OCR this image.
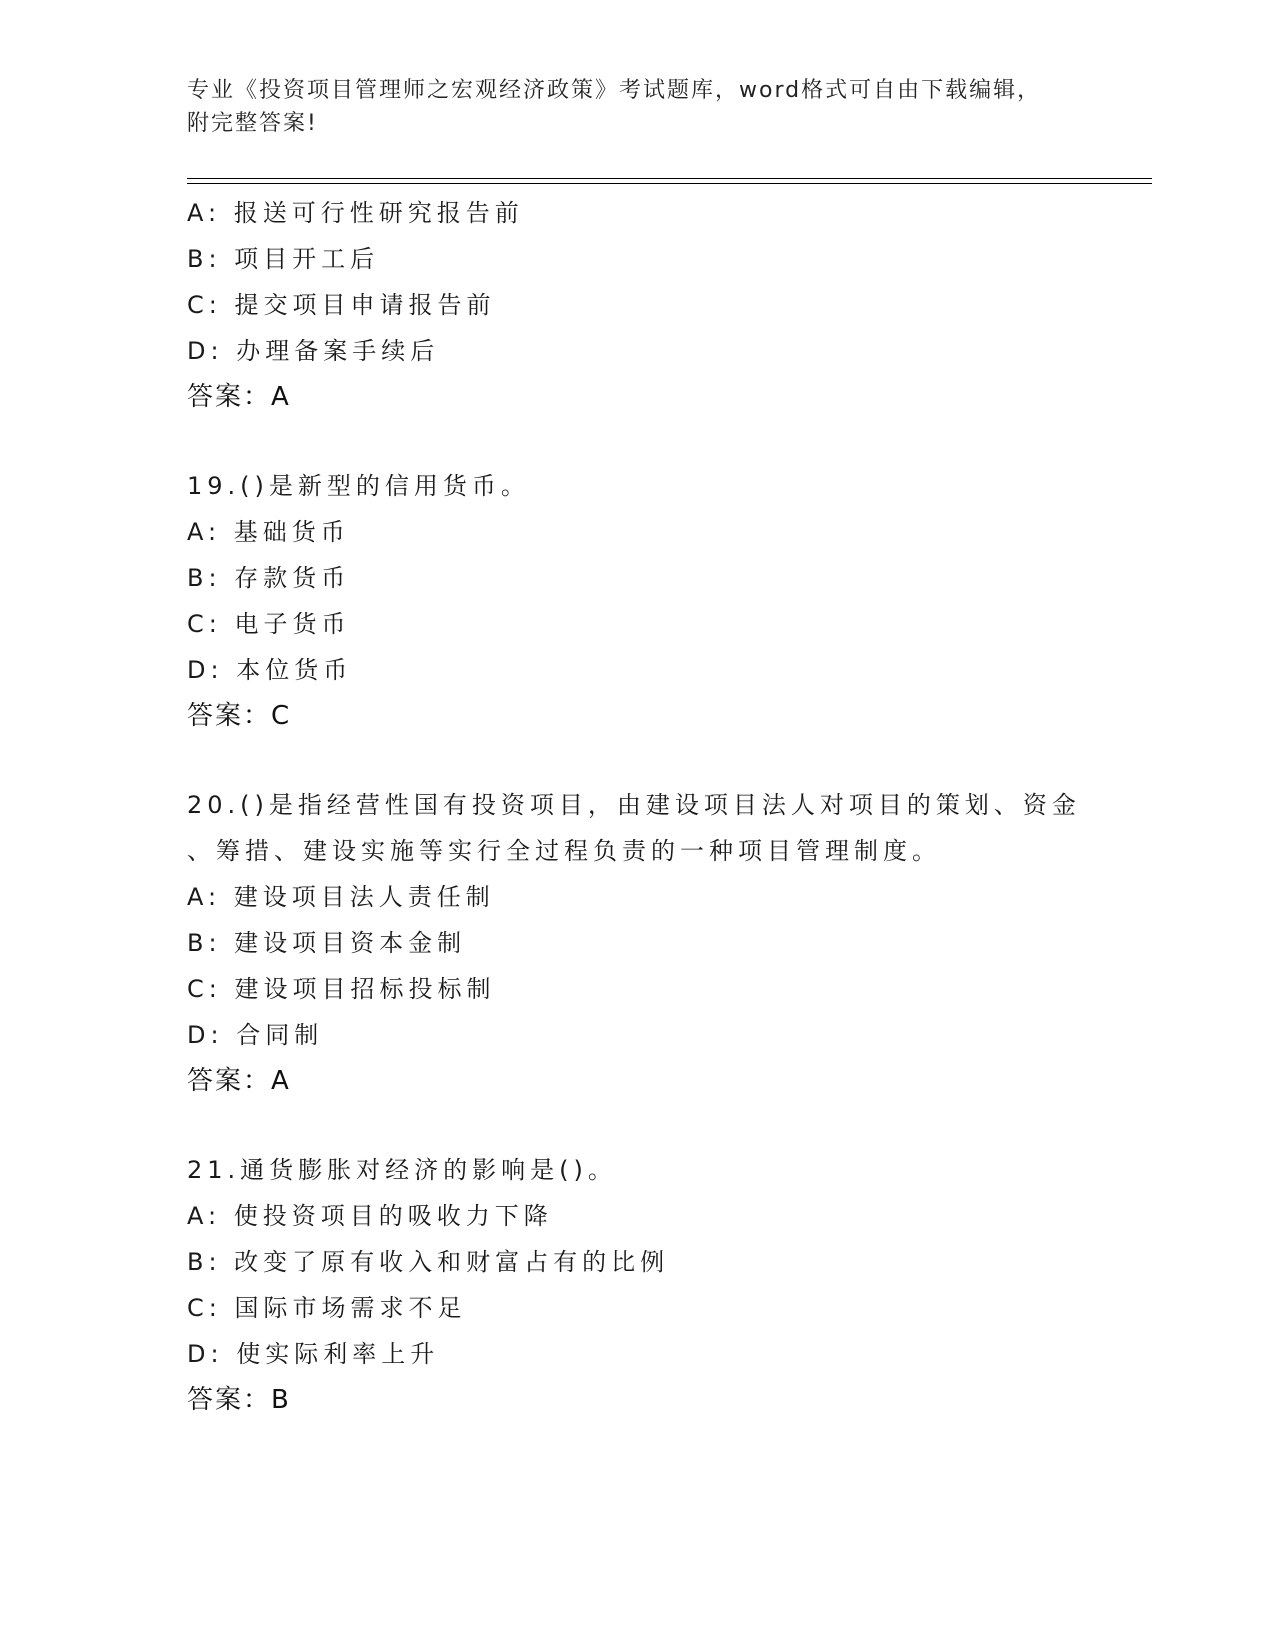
专业《投资项目管理师之宏观经济政策》考试题库，word格式可自由下载编辑，
附完整答案!
A: 报送可行性研究报告前
B: 项目开工后
C: 提交项目申请报告前
D: 办理备案手续后
答案：A
19.()是新型的信用货币。
A: 基础货币
B: 存款货币
C: 电子货币
D: 本位货币
答案：C
20.()是指经营性国有投资项目，由建设项目法人对项目的策划、资金
、筹措、建设实施等实行全过程负责的一种项目管理制度。
A: 建设项目法人责任制
B: 建设项目资本金制
C: 建设项目招标投标制
D: 合同制
答案：A
21.通货膨胀对经济的影响是()。
A: 使投资项目的吸收力下降
B: 改变了原有收入和财富占有的比例
C: 国际市场需求不足
D: 使实际利率上升
答案：B
